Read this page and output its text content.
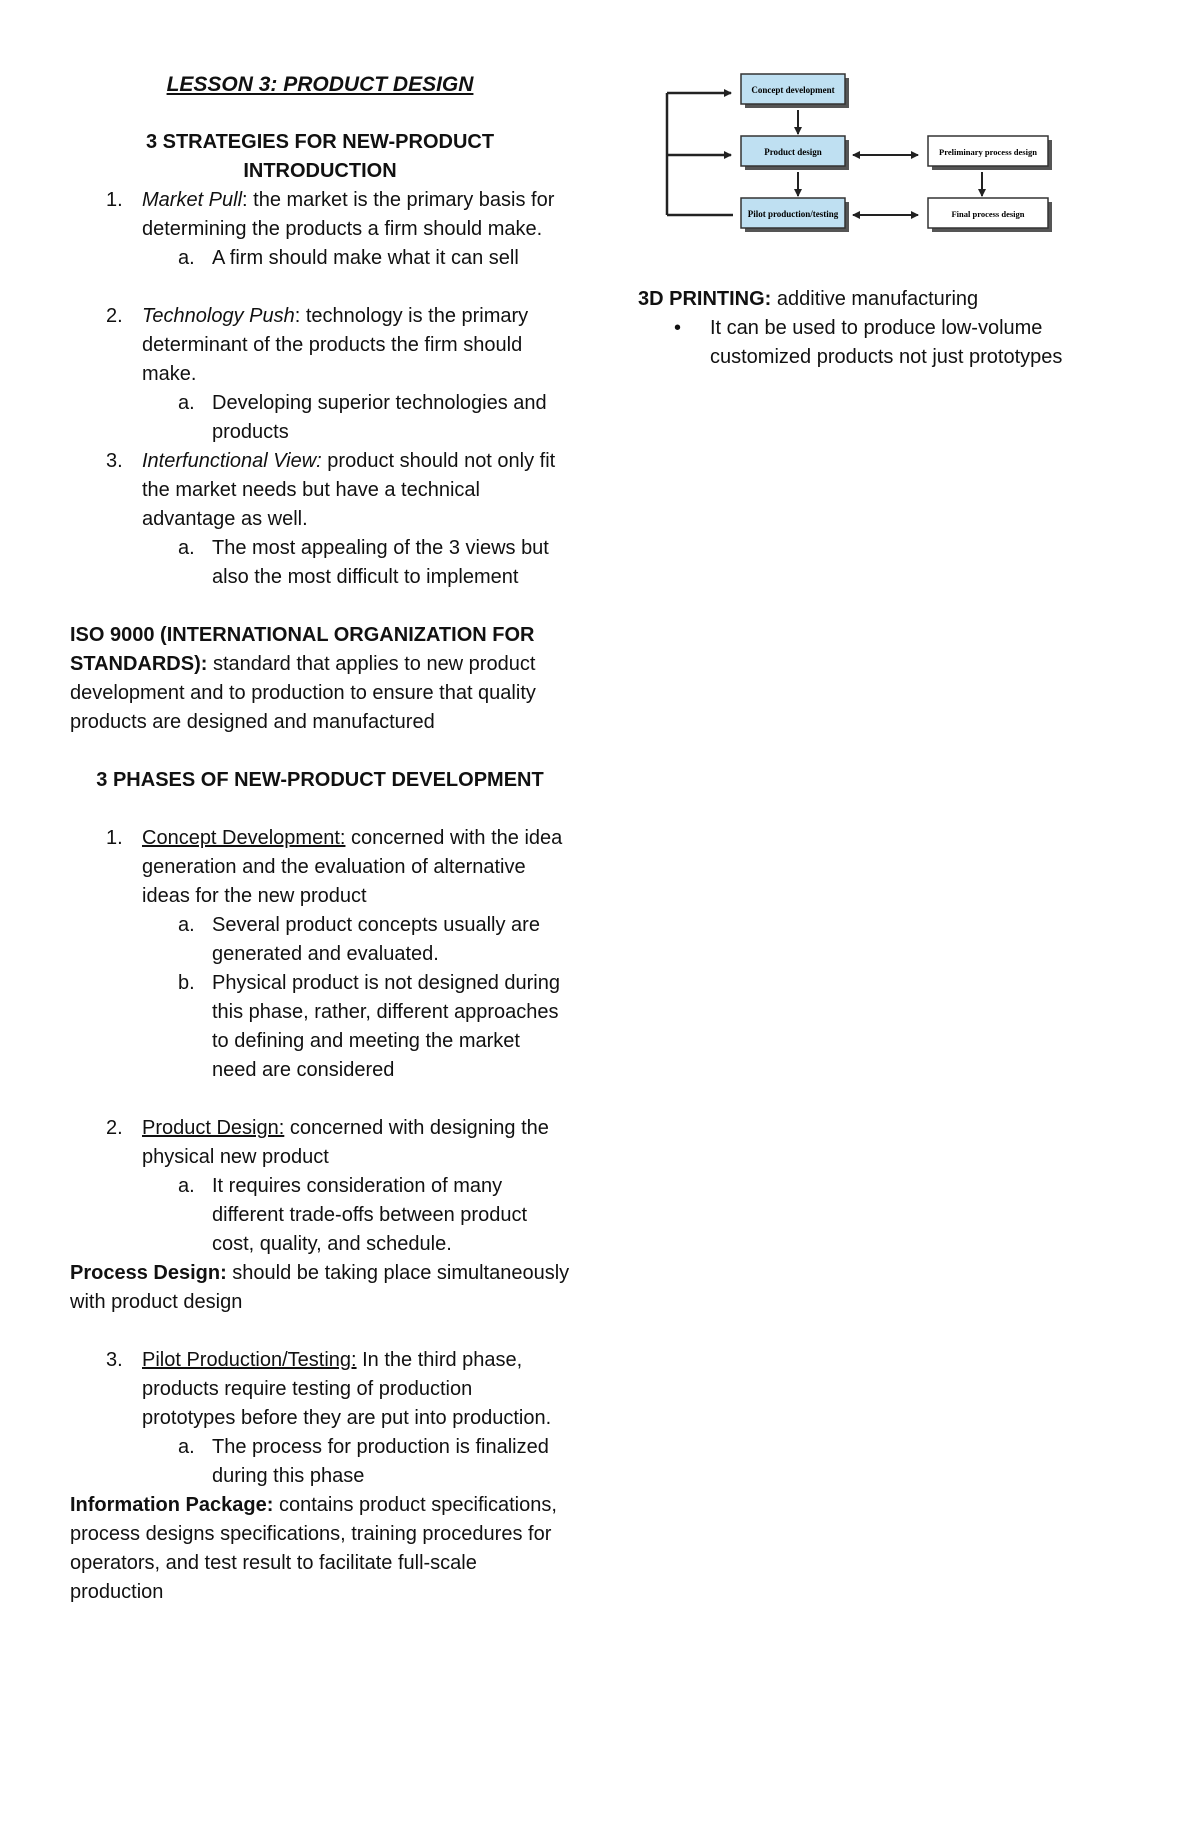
LESSON 3: PRODUCT DESIGN

3 STRATEGIES FOR NEW-PRODUCT

INTRODUCTION

1. Market Pull: the market is the primary basis for determining the products a firm should make.
a. A firm should make what it can sell
2. Technology Push: technology is the primary determinant of the products the firm should make.
a. Developing superior technologies and products
3. Interfunctional View: product should not only fit the market needs but have a technical advantage as well.
a. The most appealing of the 3 views but also the most difficult to implement

ISO 9000 (INTERNATIONAL ORGANIZATION FOR STANDARDS): standard that applies to new product development and to production to ensure that quality products are designed and manufactured

3 PHASES OF NEW-PRODUCT DEVELOPMENT

1. Concept Development: concerned with the idea generation and the evaluation of alternative ideas for the new product
a. Several product concepts usually are generated and evaluated.
b. Physical product is not designed during this phase, rather, different approaches to defining and meeting the market need are considered
2. Product Design: concerned with designing the physical new product
a. It requires consideration of many different trade-offs between product cost, quality, and schedule.

Process Design: should be taking place simultaneously with product design

3. Pilot Production/Testing: In the third phase, products require testing of production prototypes before they are put into production.
a. The process for production is finalized during this phase

Information Package: contains product specifications, process designs specifications, training procedures for operators, and test result to facilitate full-scale production

Concept development
Product design
Pilot production/testing
Preliminary process design
Final process design

3D PRINTING: additive manufacturing

• It can be used to produce low-volume customized products not just prototypes
